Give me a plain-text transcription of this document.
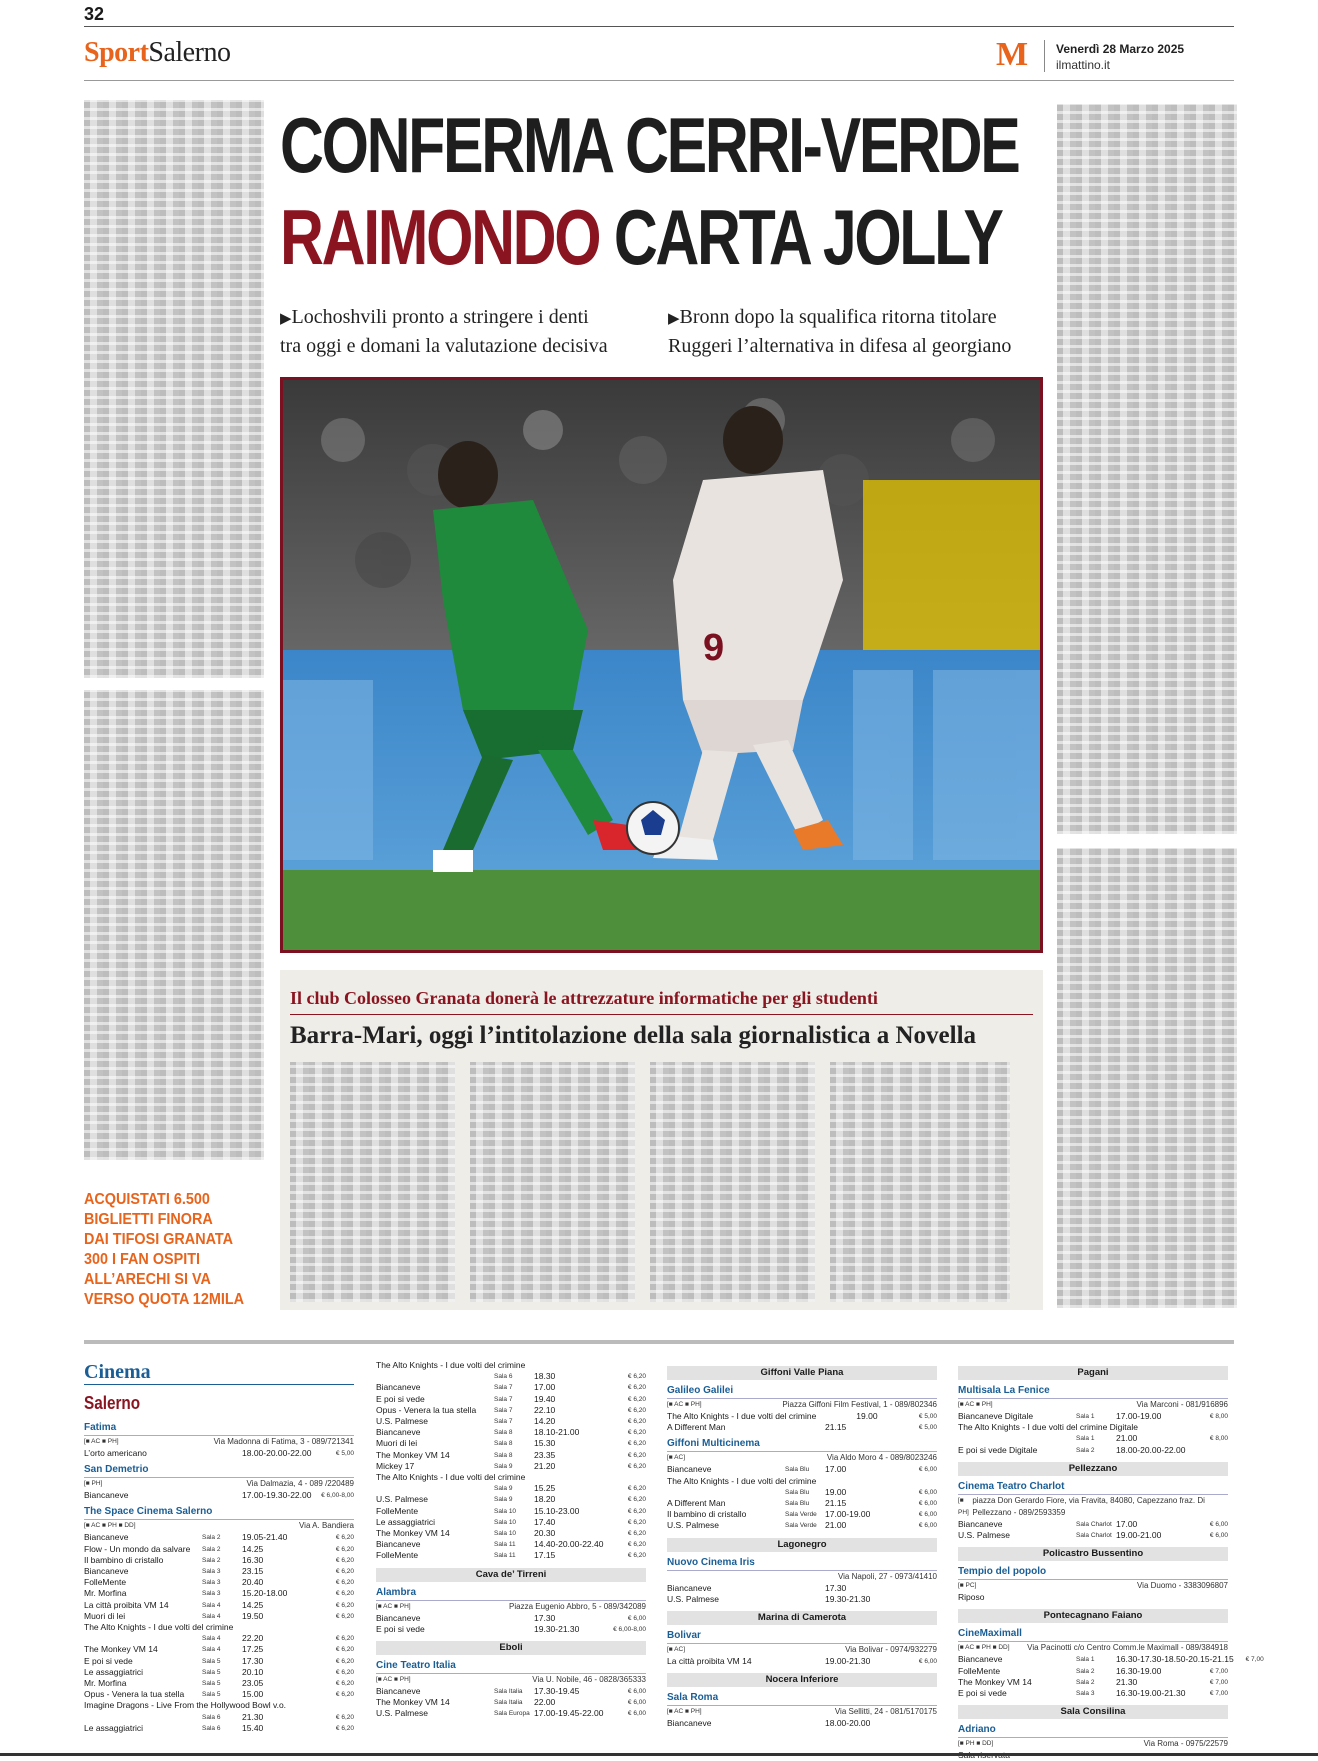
32
SportSalerno	M Venerdì 28 Marzo 2025
ilmattino.it
CONFERMA CERRI-VERDE
RAIMONDO CARTA JOLLY
▶Lochoshvili pronto a stringere i denti
tra oggi e domani la valutazione decisiva
▶Bronn dopo la squalifica ritorna titolare
Ruggeri l’alternativa in difesa al georgiano
9
Il club Colosseo Granata donerà le attrezzature informatiche per gli studenti
Barra-Mari, oggi l’intitolazione della sala giornalistica a Novella
ACQUISTATI 6.500
BIGLIETTI FINORA
DAI TIFOSI GRANATA
300 I FAN OSPITI
ALL’ARECHI SI VA
VERSO QUOTA 12MILA
Cinema
Salerno
Fatima
[■ AC ■ PH]	Via Madonna di Fatima, 3 - 089/721341
L’orto americano	18.00-20.00-22.00	€ 5,00
San Demetrio
[■ PH]	Via Dalmazia, 4 - 089 /220489
Biancaneve	17.00-19.30-22.00	€ 6,00-8,00
The Space Cinema Salerno
[■ AC ■ PH ■ DD]	Via A. Bandiera
Biancaneve	Sala 2	19.05-21.40	€ 6,20
Flow - Un mondo da salvare	Sala 2	14.25	€ 6,20
Il bambino di cristallo	Sala 2	16.30	€ 6,20
Biancaneve	Sala 3	23.15	€ 6,20
FolleMente	Sala 3	20.40	€ 6,20
Mr. Morfina	Sala 3	15.20-18.00	€ 6,20
La città proibita VM 14	Sala 4	14.25	€ 6,20
Muori di lei	Sala 4	19.50	€ 6,20
The Alto Knights - I due volti del crimine
Sala 4	22.20	€ 6,20
The Monkey VM 14	Sala 4	17.25	€ 6,20
E poi si vede	Sala 5	17.30	€ 6,20
Le assaggiatrici	Sala 5	20.10	€ 6,20
Mr. Morfina	Sala 5	23.05	€ 6,20
Opus - Venera la tua stella	Sala 5	15.00	€ 6,20
Imagine Dragons - Live From the Hollywood Bowl v.o.
Sala 6	21.30	€ 6,20
Le assaggiatrici	Sala 6	15.40	€ 6,20
The Alto Knights - I due volti del crimine
Sala 6	18.30	€ 6,20
Biancaneve	Sala 7	17.00	€ 6,20
E poi si vede	Sala 7	19.40	€ 6,20
Opus - Venera la tua stella	Sala 7	22.10	€ 6,20
U.S. Palmese	Sala 7	14.20	€ 6,20
Biancaneve	Sala 8	18.10-21.00	€ 6,20
Muori di lei	Sala 8	15.30	€ 6,20
The Monkey VM 14	Sala 8	23.35	€ 6,20
Mickey 17	Sala 9	21.20	€ 6,20
The Alto Knights - I due volti del crimine
Sala 9	15.25	€ 6,20
U.S. Palmese	Sala 9	18.20	€ 6,20
FolleMente	Sala 10	15.10-23.00	€ 6,20
Le assaggiatrici	Sala 10	17.40	€ 6,20
The Monkey VM 14	Sala 10	20.30	€ 6,20
Biancaneve	Sala 11	14.40-20.00-22.40	€ 6,20
FolleMente	Sala 11	17.15	€ 6,20
Cava de’ Tirreni
Alambra
[■ AC ■ PH]	Piazza Eugenio Abbro, 5 - 089/342089
Biancaneve	17.30	€ 6,00
E poi si vede	19.30-21.30	€ 6,00-8,00
Eboli
Cine Teatro Italia
[■ AC ■ PH]	Via U. Nobile, 46 - 0828/365333
Biancaneve	Sala Italia	17.30-19.45	€ 6,00
The Monkey VM 14	Sala Italia	22.00	€ 6,00
U.S. Palmese	Sala Europa 17.00-19.45-22.00	€ 6,00
Giffoni Valle Piana
Galileo Galilei
[■ AC ■ PH]	Piazza Giffoni Film Festival, 1 - 089/802346
The Alto Knights - I due volti del crimine	19.00	€ 5,00
A Different Man	21.15	€ 5,00
Giffoni Multicinema
[■ AC]	Via Aldo Moro 4 - 089/8023246
Biancaneve	Sala Blu	17.00	€ 6,00
The Alto Knights - I due volti del crimine
Sala Blu	19.00	€ 6,00
A Different Man	Sala Blu	21.15	€ 6,00
Il bambino di cristallo	Sala Verde 17.00-19.00	€ 6,00
U.S. Palmese	Sala Verde 21.00	€ 6,00
Lagonegro
Nuovo Cinema Iris
Via Napoli, 27 - 0973/41410
Biancaneve	17.30
U.S. Palmese	19.30-21.30
Marina di Camerota
Bolivar
[■ AC]	Via Bolivar - 0974/932279
La città proibita VM 14	19.00-21.30	€ 6,00
Nocera Inferiore
Sala Roma
[■ AC ■ PH]	Via Sellitti, 24 - 081/5170175
Biancaneve	18.00-20.00
Pagani
Multisala La Fenice
[■ AC ■ PH]	Via Marconi - 081/916896
Biancaneve Digitale	Sala 1	17.00-19.00	€ 8,00
The Alto Knights - I due volti del crimine Digitale
Sala 1	21.00	€ 8,00
E poi si vede Digitale	Sala 2	18.00-20.00-22.00
Pellezzano
Cinema Teatro Charlot
[■ PH]
piazza Don Gerardo Fiore, via Fravita, 84080, Capezzano fraz. Di Pellezzano - 089/2593359
Biancaneve	Sala Charlot 17.00	€ 6,00
U.S. Palmese	Sala Charlot 19.00-21.00	€ 6,00
Policastro Bussentino
Tempio del popolo
[■ PC]	Via Duomo - 3383096807
Riposo
Pontecagnano Faiano
CineMaximall
[■ AC ■ PH ■ DD] Via Pacinotti c/o Centro Comm.le Maximall - 089/384918
Biancaneve	Sala 1	16.30-17.30-18.50-20.15-21.15	€ 7,00
FolleMente	Sala 2	16.30-19.00	€ 7,00
The Monkey VM 14	Sala 2	21.30	€ 7,00
E poi si vede	Sala 3	16.30-19.00-21.30	€ 7,00
Sala Consilina
Adriano
[■ PH ■ DD]	Via Roma - 0975/22579
Sala riservata
